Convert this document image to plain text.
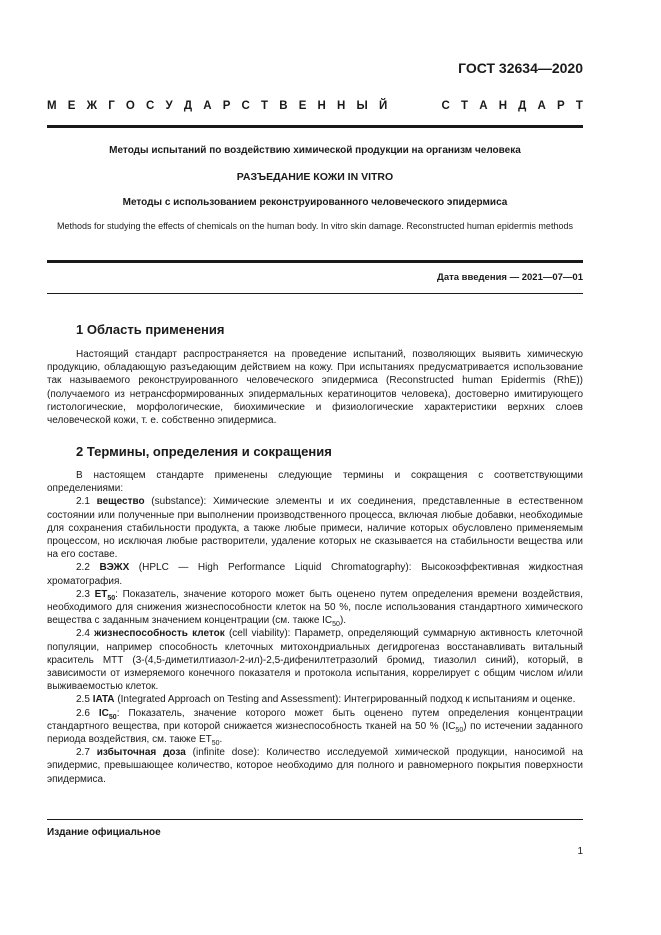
ГОСТ 32634—2020
М Е Ж Г О С У Д А Р С Т В Е Н Н Ы Й

	С Т А Н Д А Р Т
Методы испытаний по воздействию химической продукции на организм человека
РАЗЪЕДАНИЕ КОЖИ IN VITRO
Методы с использованием реконструированного человеческого эпидермиса
Methods for studying the effects of chemicals on the human body. In vitro skin damage. Reconstructed human epidermis methods
Дата введения — 2021—07—01
1 Область применения

Настоящий стандарт распространяется на проведение испытаний, позволяющих выявить химическую продукцию, обладающую разъедающим действием на кожу. При испытаниях предусматривается использование так называемого реконструированного человеческого эпидермиса (Reconstructed human Epidermis (RhE)) (получаемого из нетрансформированных эпидермальных кератиноцитов человека), достоверно имитирующего гистологические, морфологические, биохимические и физиологические характеристики верхних слоев человеческой кожи, т. е. собственно эпидермиса.

2 Термины, определения и сокращения

В настоящем стандарте применены следующие термины и сокращения с соответствующими определениями:

2.1 вещество (substance): Химические элементы и их соединения, представленные в естественном состоянии или полученные при выполнении производственного процесса, включая любые добавки, необходимые для сохранения стабильности продукта, а также любые примеси, наличие которых обусловлено применяемым процессом, но исключая любые растворители, удаление которых не сказывается на стабильности вещества или на его составе.

2.2 ВЭЖХ (HPLC — High Performance Liquid Chromatography): Высокоэффективная жидкостная хроматография.

2.3 $ET_{50}$: Показатель, значение которого может быть оценено путем определения времени воздействия, необходимого для снижения жизнеспособности клеток на 50 %, после использования стандартного химического вещества с заданным значением концентрации (см. также $IC_{50}$).

2.4 жизнеспособность клеток (cell viability): Параметр, определяющий суммарную активность клеточной популяции, например способность клеточных митохондриальных дегидрогеназ восстанавливать витальный краситель МТТ (3-(4,5-диметилтиазол-2-ил)-2,5-дифенилтетразолий бромид, тиазолил синий), который, в зависимости от измеряемого конечного показателя и протокола испытания, коррелирует с общим числом и/или выживаемостью клеток.

2.5 IATA (Integrated Approach on Testing and Assessment): Интегрированный подход к испытаниям и оценке.

2.6 $IC_{50}$: Показатель, значение которого может быть оценено путем определения концентрации стандартного вещества, при которой снижается жизнеспособность тканей на 50 % $(IC_{50})$ по истечении заданного периода воздействия, см. также $ET_{50}$.

2.7 избыточная доза (infinite dose): Количество исследуемой химической продукции, наносимой на эпидермис, превышающее количество, которое необходимо для полного и равномерного покрытия поверхности эпидермиса.

Издание официальное
1
